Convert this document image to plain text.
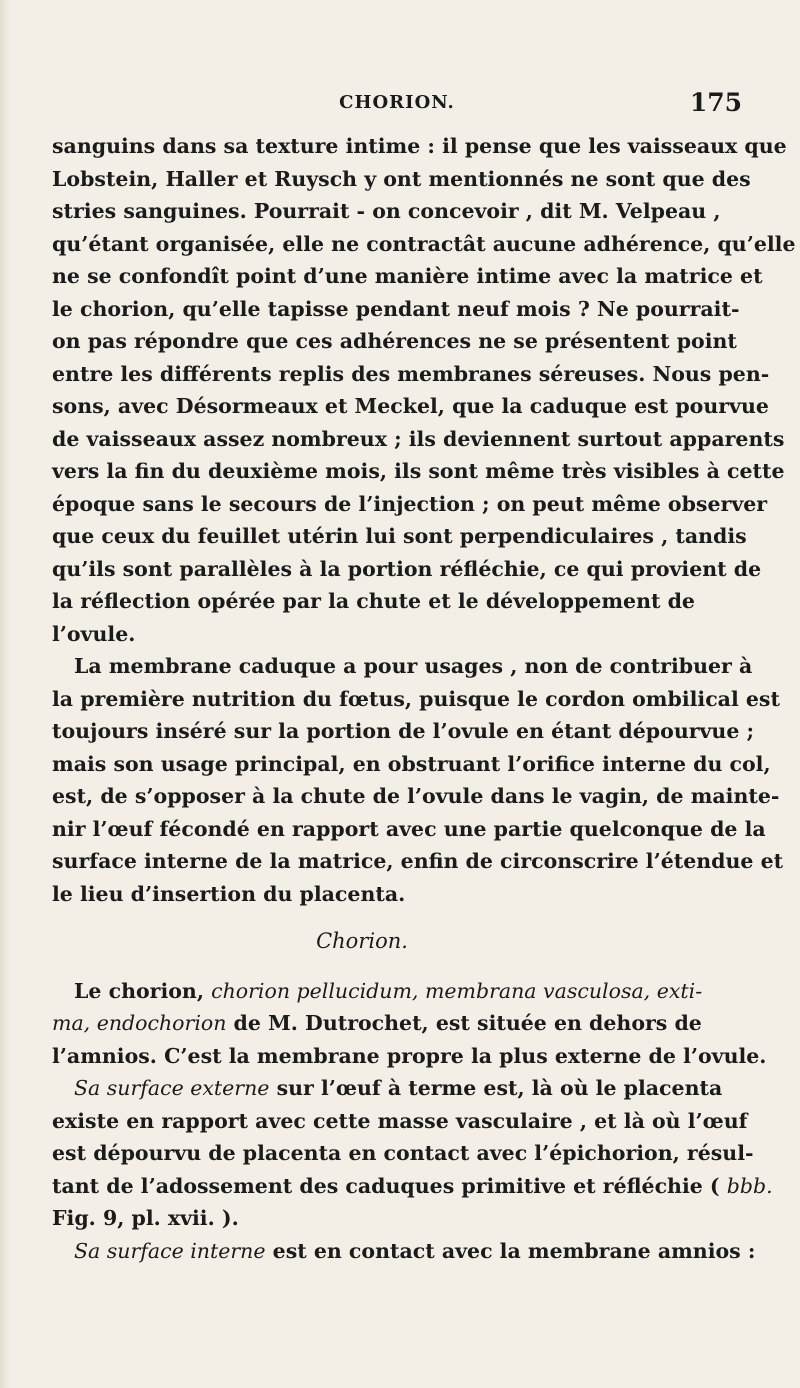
CHORION.	175
sanguins dans sa texture intime : il pense que les vaisseaux que
Lobstein, Haller et Ruysch y ont mentionnés ne sont que des
stries sanguines. Pourrait - on concevoir , dit M. Velpeau ,
qu’étant organisée, elle ne contractât aucune adhérence, qu’elle
ne se confondît point d’une manière intime avec la matrice et
le chorion, qu’elle tapisse pendant neuf mois ? Ne pourrait-
on pas répondre que ces adhérences ne se présentent point
entre les différents replis des membranes séreuses. Nous pen-
sons, avec Désormeaux et Meckel, que la caduque est pourvue
de vaisseaux assez nombreux ; ils deviennent surtout apparents
vers la fin du deuxième mois, ils sont même très visibles à cette
époque sans le secours de l’injection ; on peut même observer
que ceux du feuillet utérin lui sont perpendiculaires , tandis
qu’ils sont parallèles à la portion réfléchie, ce qui provient de
la réflection opérée par la chute et le développement de
l’ovule.
La membrane caduque a pour usages , non de contribuer à
la première nutrition du fœtus, puisque le cordon ombilical est
toujours inséré sur la portion de l’ovule en étant dépourvue ;
mais son usage principal, en obstruant l’orifice interne du col,
est, de s’opposer à la chute de l’ovule dans le vagin, de mainte-
nir l’œuf fécondé en rapport avec une partie quelconque de la
surface interne de la matrice, enfin de circonscrire l’étendue et
le lieu d’insertion du placenta.
Chorion.
Le chorion, chorion pellucidum, membrana vasculosa, exti-
ma, endochorion de M. Dutrochet, est située en dehors de
l’amnios. C’est la membrane propre la plus externe de l’ovule.
Sa surface externe sur l’œuf à terme est, là où le placenta
existe en rapport avec cette masse vasculaire , et là où l’œuf
est dépourvu de placenta en contact avec l’épichorion, résul-
tant de l’adossement des caduques primitive et réfléchie ( bbb.
Fig. 9, pl. xvii. ).
Sa surface interne est en contact avec la membrane amnios :
